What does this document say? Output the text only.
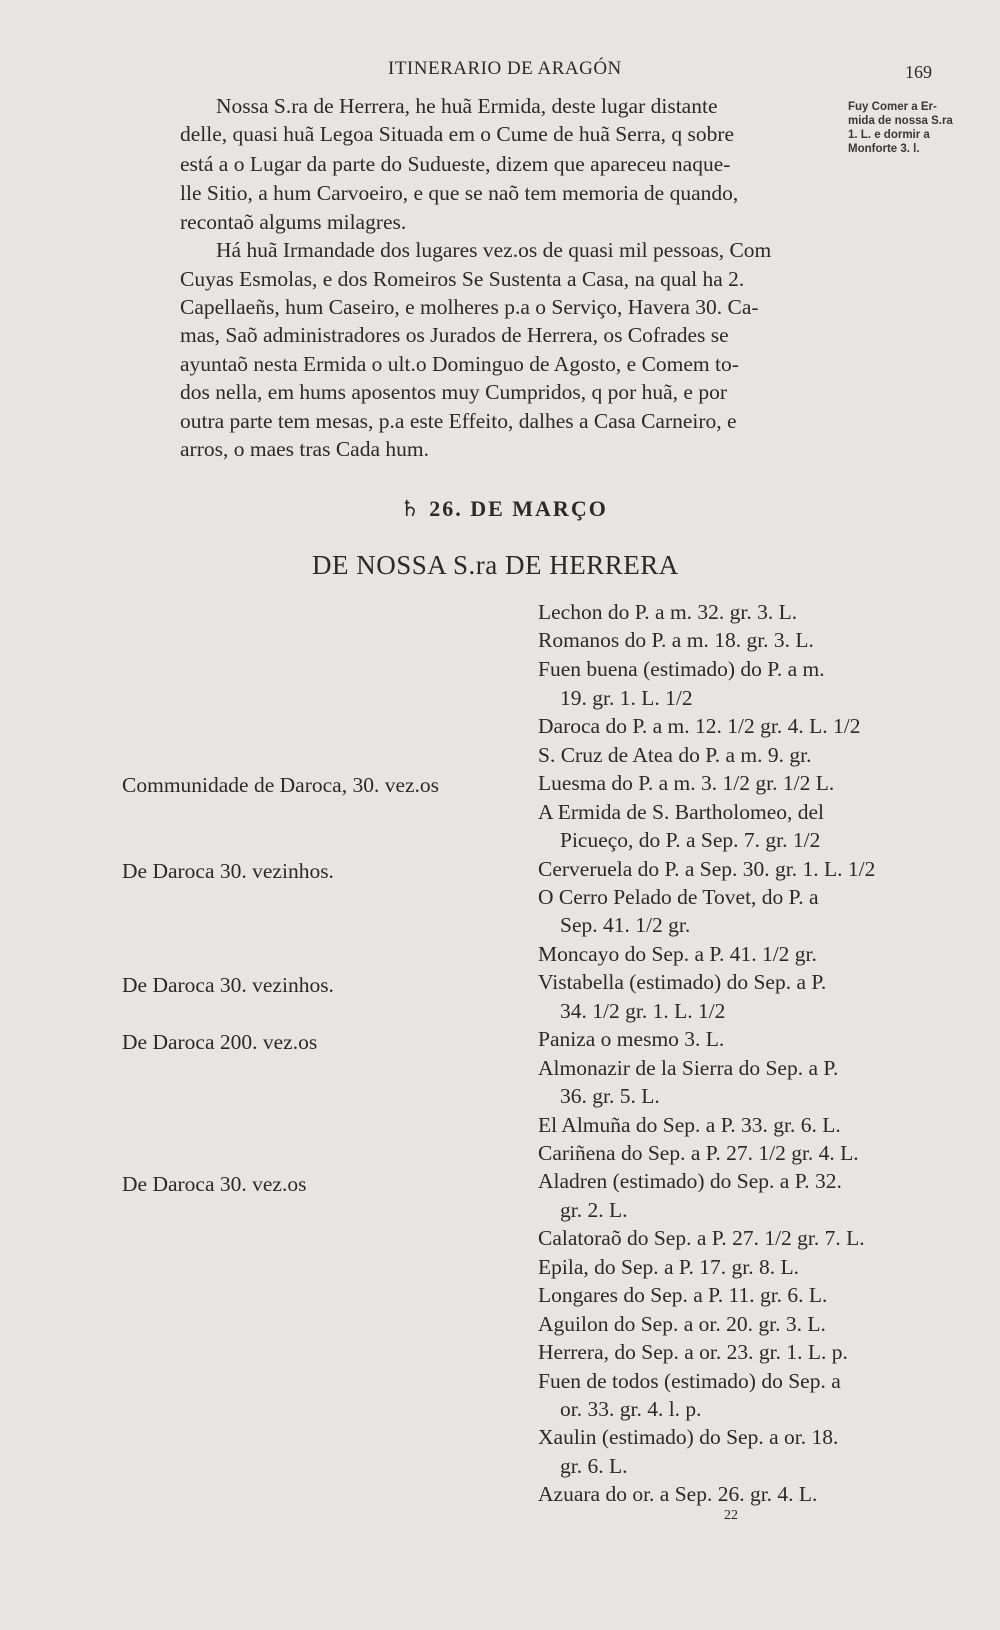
ITINERARIO DE ARAGÓN	169
Fuy Comer a Er-
mida de nossa S.ra
1. L. e dormir a
Monforte 3. l.
Nossa S.ra de Herrera, he huã Ermida, deste lugar distante
delle, quasi huã Legoa Situada em o Cume de huã Serra, q sobre
está a o Lugar da parte do Sudueste, dizem que apareceu naque-
lle Sitio, a hum Carvoeiro, e que se naõ tem memoria de quando,
recontaõ algums milagres.
Há huã Irmandade dos lugares vez.os de quasi mil pessoas, Com
Cuyas Esmolas, e dos Romeiros Se Sustenta a Casa, na qual ha 2.
Capellaeñs, hum Caseiro, e molheres p.a o Serviço, Havera 30. Ca-
mas, Saõ administradores os Jurados de Herrera, os Cofrades se
ayuntaõ nesta Ermida o ult.o Dominguo de Agosto, e Comem to-
dos nella, em hums aposentos muy Cumpridos, q por huã, e por
outra parte tem mesas, p.a este Effeito, dalhes a Casa Carneiro, e
arros, o maes tras Cada hum.
♄ 26. DE MARÇO
DE NOSSA S.ra DE HERRERA
Communidade de Daroca, 30. vez.os
De Daroca 30. vezinhos.
De Daroca 30. vezinhos.
De Daroca 200. vez.os
De Daroca 30. vez.os
Lechon do P. a m. 32. gr. 3. L.
Romanos do P. a m. 18. gr. 3. L.
Fuen buena (estimado) do P. a m.
19. gr. 1. L. 1/2
Daroca do P. a m. 12. 1/2 gr. 4. L. 1/2
S. Cruz de Atea do P. a m. 9. gr.
Luesma do P. a m. 3. 1/2 gr. 1/2 L.
A Ermida de S. Bartholomeo, del
Picueço, do P. a Sep. 7. gr. 1/2
Cerveruela do P. a Sep. 30. gr. 1. L. 1/2
O Cerro Pelado de Tovet, do P. a
Sep. 41. 1/2 gr.
Moncayo do Sep. a P. 41. 1/2 gr.
Vistabella (estimado) do Sep. a P.
34. 1/2 gr. 1. L. 1/2
Paniza o mesmo 3. L.
Almonazir de la Sierra do Sep. a P.
36. gr. 5. L.
El Almuña do Sep. a P. 33. gr. 6. L.
Cariñena do Sep. a P. 27. 1/2 gr. 4. L.
Aladren (estimado) do Sep. a P. 32.
gr. 2. L.
Calatoraõ do Sep. a P. 27. 1/2 gr. 7. L.
Epila, do Sep. a P. 17. gr. 8. L.
Longares do Sep. a P. 11. gr. 6. L.
Aguilon do Sep. a or. 20. gr. 3. L.
Herrera, do Sep. a or. 23. gr. 1. L. p.
Fuen de todos (estimado) do Sep. a
or. 33. gr. 4. l. p.
Xaulin (estimado) do Sep. a or. 18.
gr. 6. L.
Azuara do or. a Sep. 26. gr. 4. L.
22
